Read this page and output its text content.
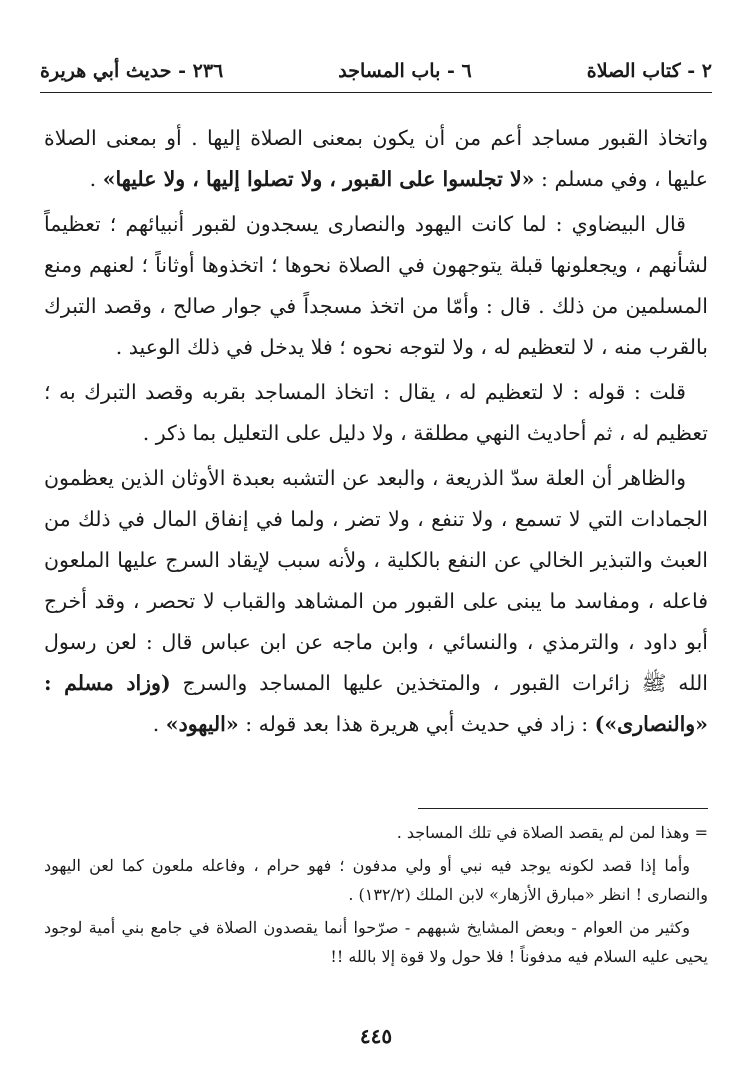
٢ - كتاب الصلاة
٦ - باب المساجد
٢٣٦ - حديث أبي هريرة

واتخاذ القبور مساجد أعم من أن يكون بمعنى الصلاة إليها . أو بمعنى الصلاة عليها ، وفي مسلم : «لا تجلسوا على القبور ، ولا تصلوا إليها ، ولا عليها» .

قال البيضاوي : لما كانت اليهود والنصارى يسجدون لقبور أنبيائهم ؛ تعظيماً لشأنهم ، ويجعلونها قبلة يتوجهون في الصلاة نحوها ؛ اتخذوها أوثاناً ؛ لعنهم ومنع المسلمين من ذلك . قال : وأمّا من اتخذ مسجداً في جوار صالح ، وقصد التبرك بالقرب منه ، لا لتعظيم له ، ولا لتوجه نحوه ؛ فلا يدخل في ذلك الوعيد .

قلت : قوله : لا لتعظيم له ، يقال : اتخاذ المساجد بقربه وقصد التبرك به ؛ تعظيم له ، ثم أحاديث النهي مطلقة ، ولا دليل على التعليل بما ذكر .

والظاهر أن العلة سدّ الذريعة ، والبعد عن التشبه بعبدة الأوثان الذين يعظمون الجمادات التي لا تسمع ، ولا تنفع ، ولا تضر ، ولما في إنفاق المال في ذلك من العبث والتبذير الخالي عن النفع بالكلية ، ولأنه سبب لإيقاد السرج عليها الملعون فاعله ، ومفاسد ما يبنى على القبور من المشاهد والقباب لا تحصر ، وقد أخرج أبو داود ، والترمذي ، والنسائي ، وابن ماجه عن ابن عباس قال : لعن رسول الله ﷺ زائرات القبور ، والمتخذين عليها المساجد والسرج (وزاد مسلم : «والنصارى») : زاد في حديث أبي هريرة هذا بعد قوله : «اليهود» .

= وهذا لمن لم يقصد الصلاة في تلك المساجد .

وأما إذا قصد لكونه يوجد فيه نبي أو ولي مدفون ؛ فهو حرام ، وفاعله ملعون كما لعن اليهود والنصارى ! انظر «مبارق الأزهار» لابن الملك (١٣٢/٢) .

وكثير من العوام - وبعض المشايخ شبههم - صرّحوا أنما يقصدون الصلاة في جامع بني أمية لوجود يحيى عليه السلام فيه مدفوناً ! فلا حول ولا قوة إلا بالله !!

٤٤٥
